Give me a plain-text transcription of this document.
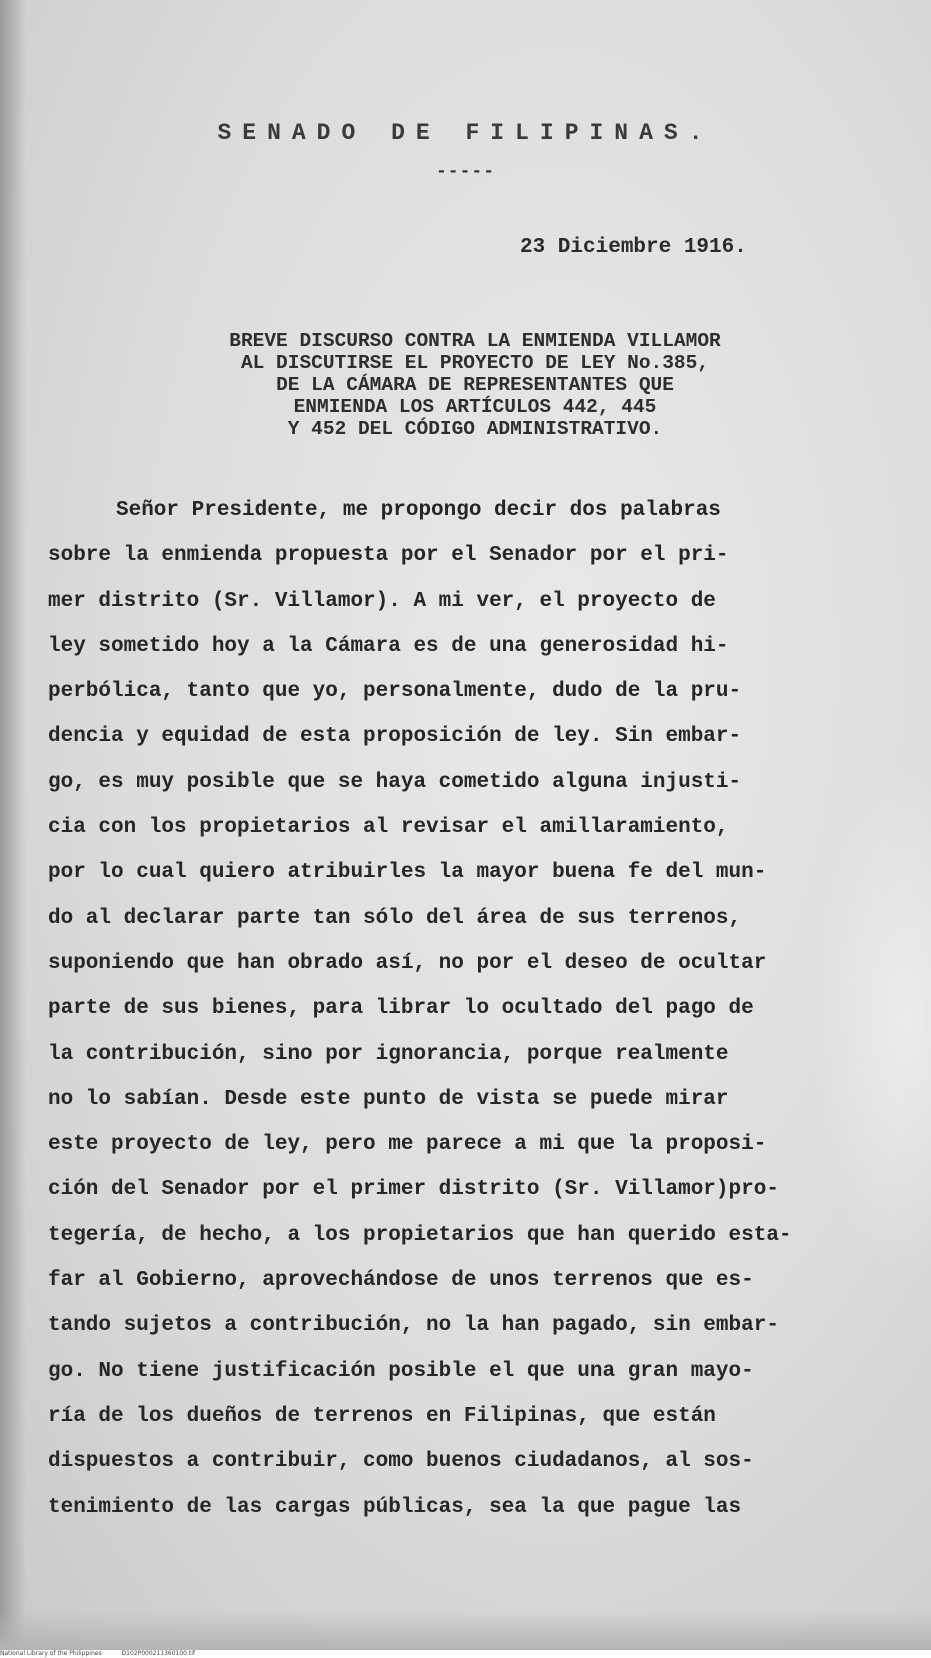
SENADO DE FILIPINAS.
-----
23 Diciembre 1916.
BREVE DISCURSO CONTRA LA ENMIENDA VILLAMOR
AL DISCUTIRSE EL PROYECTO DE LEY No.385,
DE LA CÁMARA DE REPRESENTANTES QUE
ENMIENDA LOS ARTÍCULOS 442, 445
Y 452 DEL CÓDIGO ADMINISTRATIVO.
Señor Presidente, me propongo decir dos palabras
sobre la enmienda propuesta por el Senador por el pri-
mer distrito (Sr. Villamor). A mi ver, el proyecto de
ley sometido hoy a la Cámara es de una generosidad hi-
perbólica, tanto que yo, personalmente, dudo de la pru-
dencia y equidad de esta proposición de ley. Sin embar-
go, es muy posible que se haya cometido alguna injusti-
cia con los propietarios al revisar el amillaramiento,
por lo cual quiero atribuirles la mayor buena fe del mun-
do al declarar parte tan sólo del área de sus terrenos,
suponiendo que han obrado así, no por el deseo de ocultar
parte de sus bienes, para librar lo ocultado del pago de
la contribución, sino por ignorancia, porque realmente
no lo sabían. Desde este punto de vista se puede mirar
este proyecto de ley, pero me parece a mi que la proposi-
ción del Senador por el primer distrito (Sr. Villamor)pro-
tegería, de hecho, a los propietarios que han querido esta-
far al Gobierno, aprovechándose de unos terrenos que es-
tando sujetos a contribución, no la han pagado, sin embar-
go. No tiene justificación posible el que una gran mayo-
ría de los dueños de terrenos en Filipinas, que están
dispuestos a contribuir, como buenos ciudadanos, al sos-
tenimiento de las cargas públicas, sea la que pague las
National Library of the Philippines	D102P000211360100.tif
